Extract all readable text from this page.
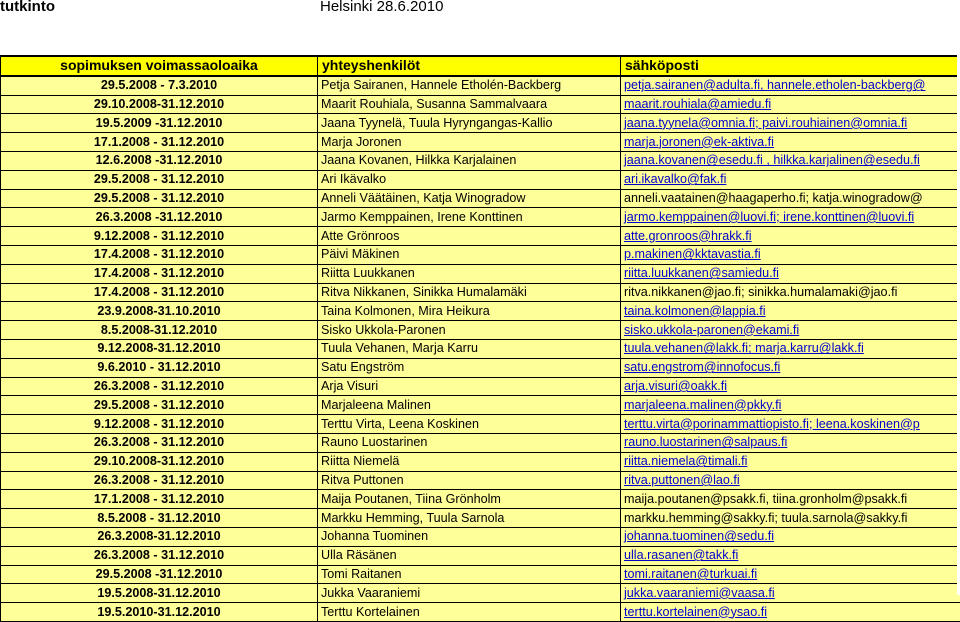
tutkinto	Helsinki 28.6.2010
sopimuksen voimassaoloaika	yhteyshenkilöt	sähköposti
29.5.2008 - 7.3.2010	Petja Sairanen, Hannele Etholén-Backberg	petja.sairanen@adulta.fi, hannele.etholen-backberg@
29.10.2008-31.12.2010	Maarit Rouhiala, Susanna Sammalvaara	maarit.rouhiala@amiedu.fi
19.5.2009 -31.12.2010	Jaana Tyynelä, Tuula Hyryngangas-Kallio	jaana.tyynela@omnia.fi; paivi.rouhiainen@omnia.fi
17.1.2008 - 31.12.2010	Marja Joronen	marja.joronen@ek-aktiva.fi
12.6.2008 -31.12.2010	Jaana Kovanen, Hilkka Karjalainen	jaana.kovanen@esedu.fi , hilkka.karjalinen@esedu.fi
29.5.2008 - 31.12.2010	Ari Ikävalko	ari.ikavalko@fak.fi
29.5.2008 - 31.12.2010	Anneli Väätäinen, Katja Winogradow	anneli.vaatainen@haagaperho.fi; katja.winogradow@
26.3.2008 -31.12.2010	Jarmo Kemppainen, Irene Konttinen	jarmo.kemppainen@luovi.fi; irene.konttinen@luovi.fi
9.12.2008 - 31.12.2010	Atte Grönroos	atte.gronroos@hrakk.fi
17.4.2008 - 31.12.2010	Päivi Mäkinen	p.makinen@kktavastia.fi
17.4.2008 - 31.12.2010	Riitta Luukkanen	riitta.luukkanen@samiedu.fi
17.4.2008 - 31.12.2010	Ritva Nikkanen, Sinikka Humalamäki	ritva.nikkanen@jao.fi; sinikka.humalamaki@jao.fi
23.9.2008-31.10.2010	Taina Kolmonen, Mira Heikura	taina.kolmonen@lappia.fi
8.5.2008-31.12.2010	Sisko Ukkola-Paronen	sisko.ukkola-paronen@ekami.fi
9.12.2008-31.12.2010	Tuula Vehanen, Marja Karru	tuula.vehanen@lakk.fi; marja.karru@lakk.fi
9.6.2010 - 31.12.2010	Satu Engström	satu.engstrom@innofocus.fi
26.3.2008 - 31.12.2010	Arja Visuri	arja.visuri@oakk.fi
29.5.2008 - 31.12.2010	Marjaleena Malinen	marjaleena.malinen@pkky.fi
9.12.2008 - 31.12.2010	Terttu Virta, Leena Koskinen	terttu.virta@porinammattiopisto.fi; leena.koskinen@p
26.3.2008 - 31.12.2010	Rauno Luostarinen	rauno.luostarinen@salpaus.fi
29.10.2008-31.12.2010	Riitta Niemelä	riitta.niemela@timali.fi
26.3.2008 - 31.12.2010	Ritva Puttonen	ritva.puttonen@lao.fi
17.1.2008 - 31.12.2010	Maija Poutanen, Tiina Grönholm	maija.poutanen@psakk.fi, tiina.gronholm@psakk.fi
8.5.2008 - 31.12.2010	Markku Hemming, Tuula Sarnola	markku.hemming@sakky.fi; tuula.sarnola@sakky.fi
26.3.2008-31.12.2010	Johanna Tuominen	johanna.tuominen@sedu.fi
26.3.2008 - 31.12.2010	Ulla Räsänen	ulla.rasanen@takk.fi
29.5.2008 -31.12.2010	Tomi Raitanen	tomi.raitanen@turkuai.fi
19.5.2008-31.12.2010	Jukka Vaaraniemi	jukka.vaaraniemi@vaasa.fi
19.5.2010-31.12.2010	Terttu Kortelainen	terttu.kortelainen@ysao.fi
